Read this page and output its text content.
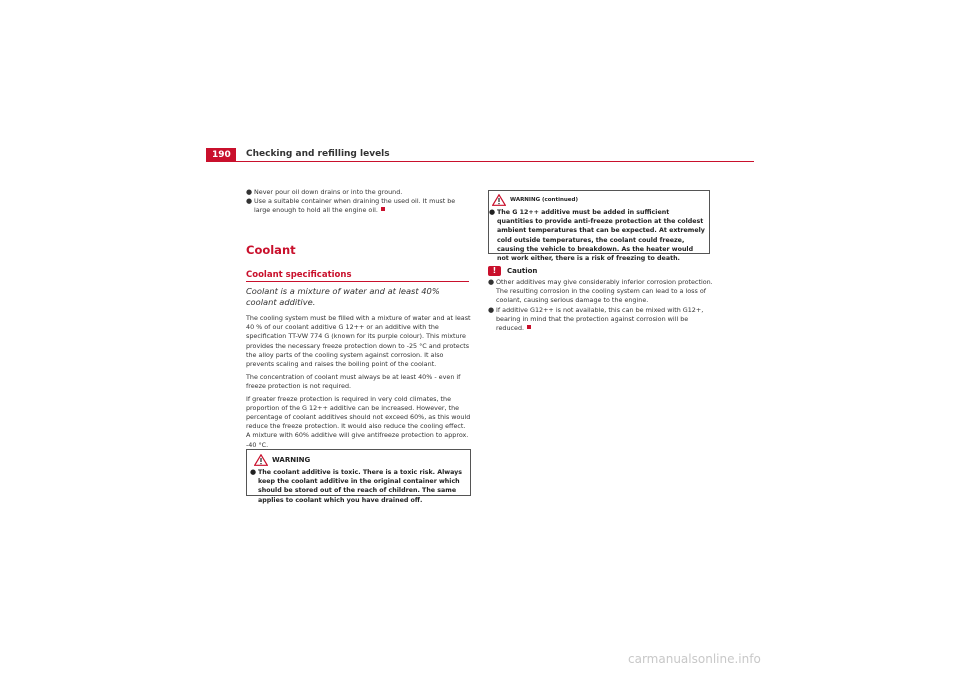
190	Checking and refilling levels
● Never pour oil down drains or into the ground.
● Use a suitable container when draining the used oil. It must be large enough to hold all the engine oil.
Coolant
Coolant specifications
Coolant is a mixture of water and at least 40% coolant additive.

The cooling system must be filled with a mixture of water and at least 40 % of our coolant additive G 12++ or an additive with the specification TT-VW 774 G (known for its purple colour). This mixture provides the necessary freeze protection down to -25 °C and protects the alloy parts of the cooling system against corrosion. It also prevents scaling and raises the boiling point of the coolant.

The concentration of coolant must always be at least 40% - even if freeze protection is not required.

If greater freeze protection is required in very cold climates, the proportion of the G 12++ additive can be increased. However, the percentage of coolant additives should not exceed 60%, as this would reduce the freeze protection. It would also reduce the cooling effect. A mixture with 60% additive will give antifreeze protection to approx. -40 °C.

WARNING
● The coolant additive is toxic. There is a toxic risk. Always keep the coolant additive in the original container which should be stored out of the reach of children. The same applies to coolant which you have drained off.
WARNING (continued)
● The G 12++ additive must be added in sufficient quantities to provide anti-freeze protection at the coldest ambient temperatures that can be expected. At extremely cold outside temperatures, the coolant could freeze, causing the vehicle to breakdown. As the heater would not work either, there is a risk of freezing to death.
!	Caution
● Other additives may give considerably inferior corrosion protection. The resulting corrosion in the cooling system can lead to a loss of coolant, causing serious damage to the engine.
● If additive G12++ is not available, this can be mixed with G12+, bearing in mind that the protection against corrosion will be reduced.
carmanualsonline.info
